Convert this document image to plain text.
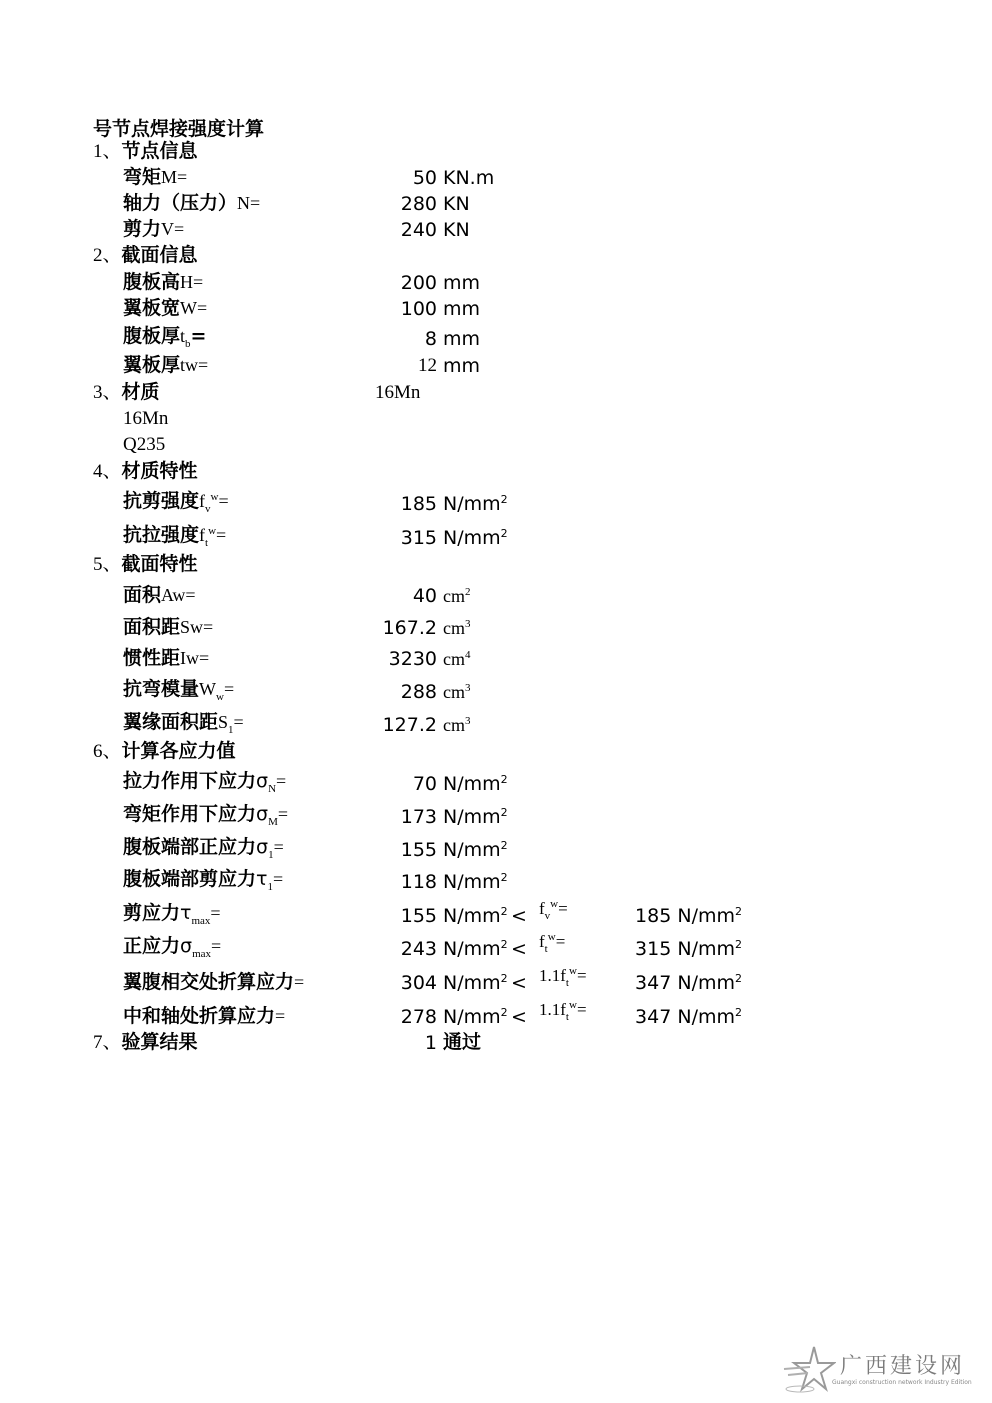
号节点焊接强度计算
1、节点信息
弯矩M=	50 KN.m
轴力（压力）N=	280 KN
剪力V=	240 KN
2、截面信息
腹板高H=	200 mm
翼板宽W=	100 mm
腹板厚$t_b=$	8 mm
翼板厚tw=	12 mm
3、材质	16Mn
16Mn
Q235
4、材质特性
抗剪强度$f_v^w=$	185 $N/mm^2$
抗拉强度$f_t^w=$	315 $N/mm^2$
5、截面特性
面积Aw=	40 $cm^2$
面积距Sw=	167.2 $cm^3$
惯性距Iw=	3230 $cm^4$
抗弯模量$W_w=$	288 $cm^3$
翼缘面积距$S_1=$	127.2 $cm^3$
6、计算各应力值
拉力作用下应力$\sigma_N=$	70 $N/mm^2$
弯矩作用下应力$\sigma_M=$	173 $N/mm^2$
腹板端部正应力$\sigma_1=$	155 $N/mm^2$
腹板端部剪应力$\tau_1=$	118 $N/mm^2$
剪应力$\tau_{max}=$	155 $N/mm^2 < f_v^w=$	185 $N/mm^2$
正应力$\sigma_{max}=$	243 $N/mm^2 < f_t^w=$	315 $N/mm^2$
翼腹相交处折算应力=	304 $N/mm^2 < 1.1f_t^w=$	347 $N/mm^2$
中和轴处折算应力=	278 $N/mm^2 < 1.1f_t^w=$	347 $N/mm^2$
7、验算结果	1 通过
广西建设网
Guangxi construction network Industry Edition
